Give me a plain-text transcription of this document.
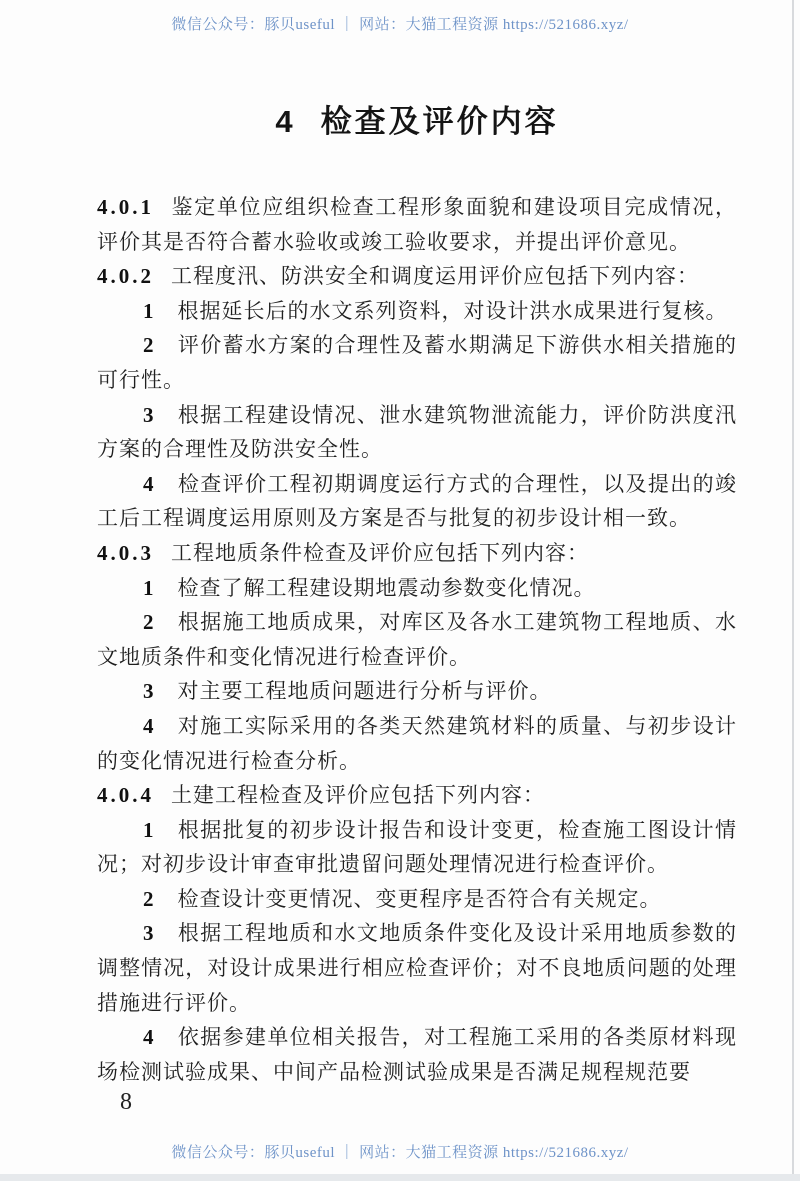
微信公众号：豚贝useful ｜ 网站：大猫工程资源 https://521686.xyz/
4 检查及评价内容

4.0.1 鉴定单位应组织检查工程形象面貌和建设项目完成情况，评价其是否符合蓄水验收或竣工验收要求，并提出评价意见。

4.0.2 工程度汛、防洪安全和调度运用评价应包括下列内容：

1 根据延长后的水文系列资料，对设计洪水成果进行复核。

2 评价蓄水方案的合理性及蓄水期满足下游供水相关措施的可行性。

3 根据工程建设情况、泄水建筑物泄流能力，评价防洪度汛方案的合理性及防洪安全性。

4 检查评价工程初期调度运行方式的合理性，以及提出的竣工后工程调度运用原则及方案是否与批复的初步设计相一致。

4.0.3 工程地质条件检查及评价应包括下列内容：

1 检查了解工程建设期地震动参数变化情况。

2 根据施工地质成果，对库区及各水工建筑物工程地质、水文地质条件和变化情况进行检查评价。

3 对主要工程地质问题进行分析与评价。

4 对施工实际采用的各类天然建筑材料的质量、与初步设计的变化情况进行检查分析。

4.0.4 土建工程检查及评价应包括下列内容：

1 根据批复的初步设计报告和设计变更，检查施工图设计情况；对初步设计审查审批遗留问题处理情况进行检查评价。

2 检查设计变更情况、变更程序是否符合有关规定。

3 根据工程地质和水文地质条件变化及设计采用地质参数的调整情况，对设计成果进行相应检查评价；对不良地质问题的处理措施进行评价。

4 依据参建单位相关报告，对工程施工采用的各类原材料现场检测试验成果、中间产品检测试验成果是否满足规程规范要

8
微信公众号：豚贝useful ｜ 网站：大猫工程资源 https://521686.xyz/
